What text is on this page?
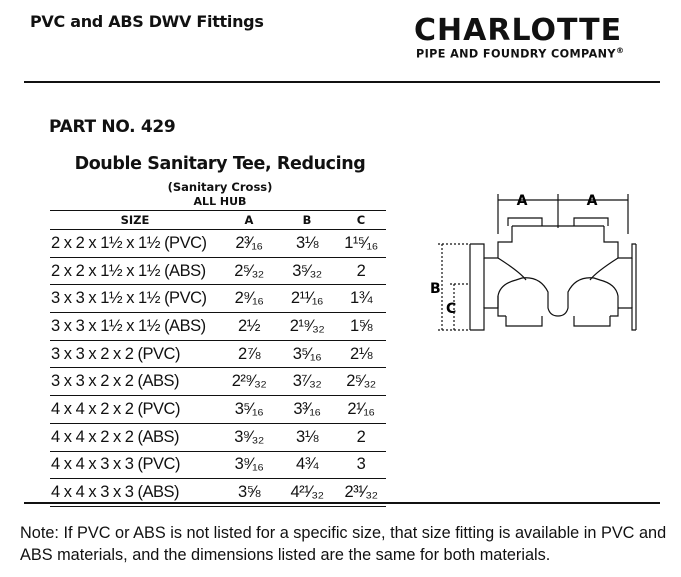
PVC and ABS DWV Fittings	CHARLOTTE
PIPE AND FOUNDRY COMPANY®
PART NO. 429
Double Sanitary Tee, Reducing
(Sanitary Cross)
ALL HUB
SIZE	A	B	C
2 x 2 x 1½ x 1½ (PVC)	2³⁄₁₆	3⅛	1¹⁵⁄₁₆
2 x 2 x 1½ x 1½ (ABS)	2⁵⁄₃₂	3⁵⁄₃₂	2
3 x 3 x 1½ x 1½ (PVC)	2⁹⁄₁₆	2¹¹⁄₁₆	1¾
3 x 3 x 1½ x 1½ (ABS)	2½	2¹⁹⁄₃₂	1⅝
3 x 3 x 2 x 2 (PVC)	2⅞	3⁵⁄₁₆	2⅛
3 x 3 x 2 x 2 (ABS)	2²⁹⁄₃₂	3⁷⁄₃₂	2⁵⁄₃₂
4 x 4 x 2 x 2 (PVC)	3⁵⁄₁₆	3³⁄₁₆	2¹⁄₁₆
4 x 4 x 2 x 2 (ABS)	3⁹⁄₃₂	3⅛	2
4 x 4 x 3 x 3 (PVC)	3⁹⁄₁₆	4¾	3
4 x 4 x 3 x 3 (ABS)	3⅝	4²¹⁄₃₂	2³¹⁄₃₂
A	A
B
C
Note: If PVC or ABS is not listed for a specific size, that size fitting is available in PVC and ABS materials, and the dimensions listed are the same for both materials.
